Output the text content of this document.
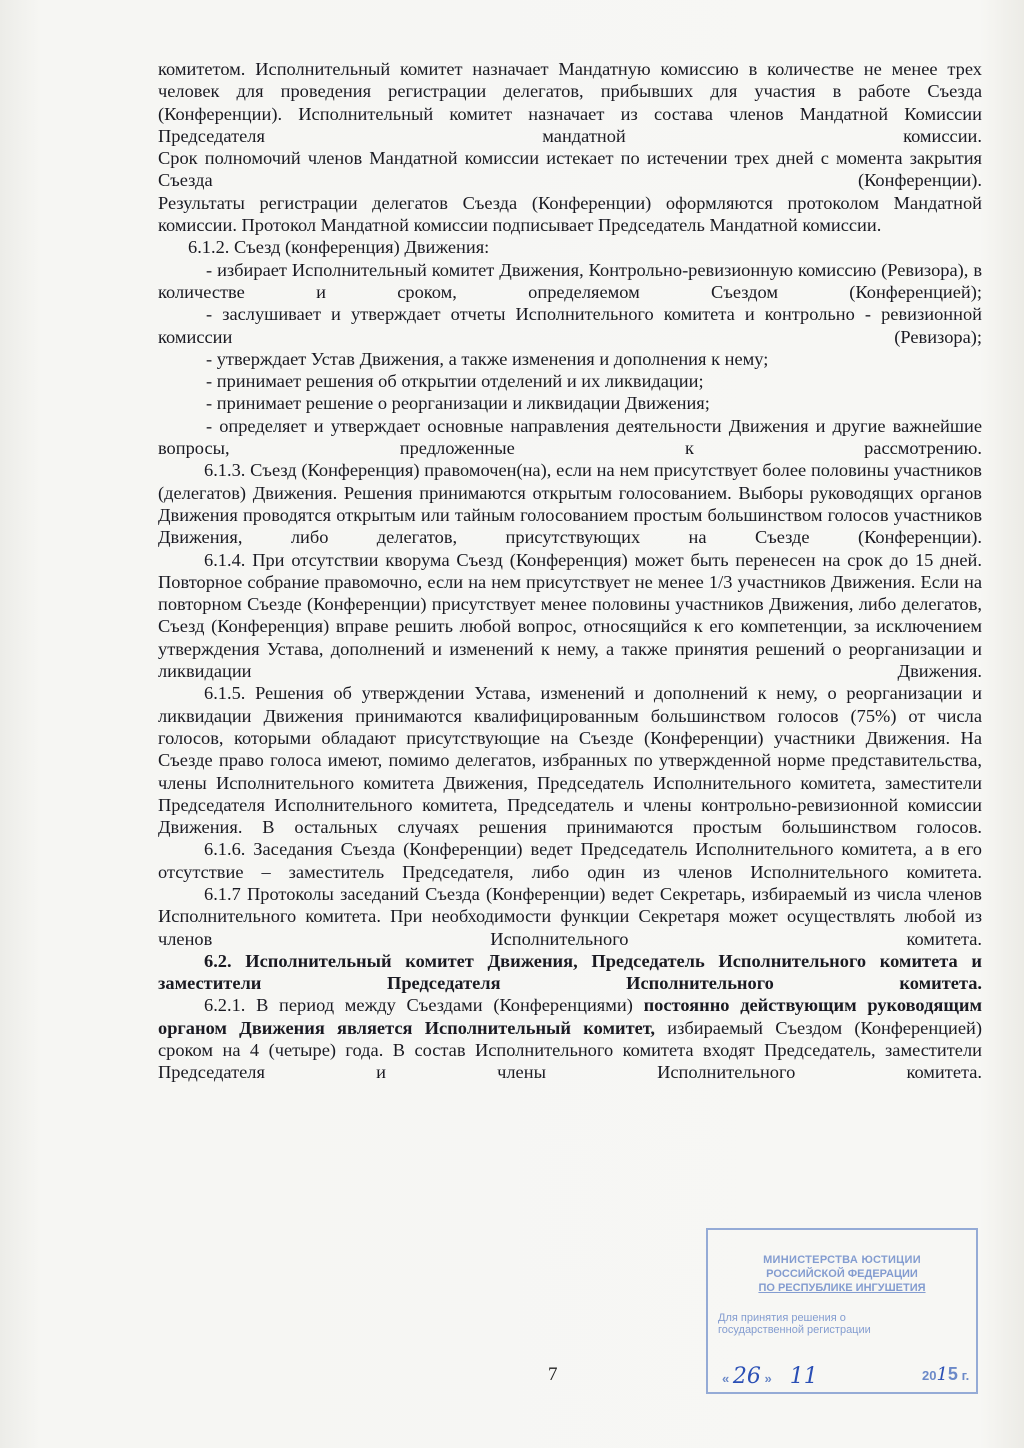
комитетом. Исполнительный комитет назначает Мандатную комиссию в количестве не менее трех человек для проведения регистрации делегатов, прибывших для участия в работе Съезда (Конференции). Исполнительный комитет назначает из состава членов Мандатной Комиссии Председателя мандатной комиссии.

Срок полномочий членов Мандатной комиссии истекает по истечении трех дней с момента закрытия Съезда (Конференции).

Результаты регистрации делегатов Съезда (Конференции) оформляются протоколом Мандатной комиссии. Протокол Мандатной комиссии подписывает Председатель Мандатной комиссии.

6.1.2. Съезд (конференция) Движения:

- избирает Исполнительный комитет Движения, Контрольно-ревизионную комиссию (Ревизора), в количестве и сроком, определяемом Съездом (Конференцией);

- заслушивает и утверждает отчеты Исполнительного комитета и контрольно - ревизионной комиссии (Ревизора);

- утверждает Устав Движения, а также изменения и дополнения к нему;

- принимает решения об открытии отделений и их ликвидации;

- принимает решение о реорганизации и ликвидации Движения;

- определяет и утверждает основные направления деятельности Движения и другие важнейшие вопросы, предложенные к рассмотрению.

6.1.3. Съезд (Конференция) правомочен(на), если на нем присутствует более половины участников (делегатов) Движения. Решения принимаются открытым голосованием. Выборы руководящих органов Движения проводятся открытым или тайным голосованием простым большинством голосов участников Движения, либо делегатов, присутствующих на Съезде (Конференции).

6.1.4. При отсутствии кворума Съезд (Конференция) может быть перенесен на срок до 15 дней. Повторное собрание правомочно, если на нем присутствует не менее 1/3 участников Движения. Если на повторном Съезде (Конференции) присутствует менее половины участников Движения, либо делегатов, Съезд (Конференция) вправе решить любой вопрос, относящийся к его компетенции, за исключением утверждения Устава, дополнений и изменений к нему, а также принятия решений о реорганизации и ликвидации Движения.

6.1.5. Решения об утверждении Устава, изменений и дополнений к нему, о реорганизации и ликвидации Движения принимаются квалифицированным большинством голосов (75%) от числа голосов, которыми обладают присутствующие на Съезде (Конференции) участники Движения. На Съезде право голоса имеют, помимо делегатов, избранных по утвержденной норме представительства, члены Исполнительного комитета Движения, Председатель Исполнительного комитета, заместители Председателя Исполнительного комитета, Председатель и члены контрольно-ревизионной комиссии Движения. В остальных случаях решения принимаются простым большинством голосов.

6.1.6. Заседания Съезда (Конференции) ведет Председатель Исполнительного комитета, а в его отсутствие – заместитель Председателя, либо один из членов Исполнительного комитета.

6.1.7 Протоколы заседаний Съезда (Конференции) ведет Секретарь, избираемый из числа членов Исполнительного комитета. При необходимости функции Секретаря может осуществлять любой из членов Исполнительного комитета.

6.2. Исполнительный комитет Движения, Председатель Исполнительного комитета и заместители Председателя Исполнительного комитета.

6.2.1. В период между Съездами (Конференциями) постоянно действующим руководящим органом Движения является Исполнительный комитет, избираемый Съездом (Конференцией) сроком на 4 (четыре) года. В состав Исполнительного комитета входят Председатель, заместители Председателя и члены Исполнительного комитета.

7
МИНИСТЕРСТВА ЮСТИЦИИ
РОССИЙСКОЙ ФЕДЕРАЦИИ
ПО РЕСПУБЛИКЕ ИНГУШЕТИЯ
Для принятия решения о государственной регистрации
« 26 » 11	2015 г.
